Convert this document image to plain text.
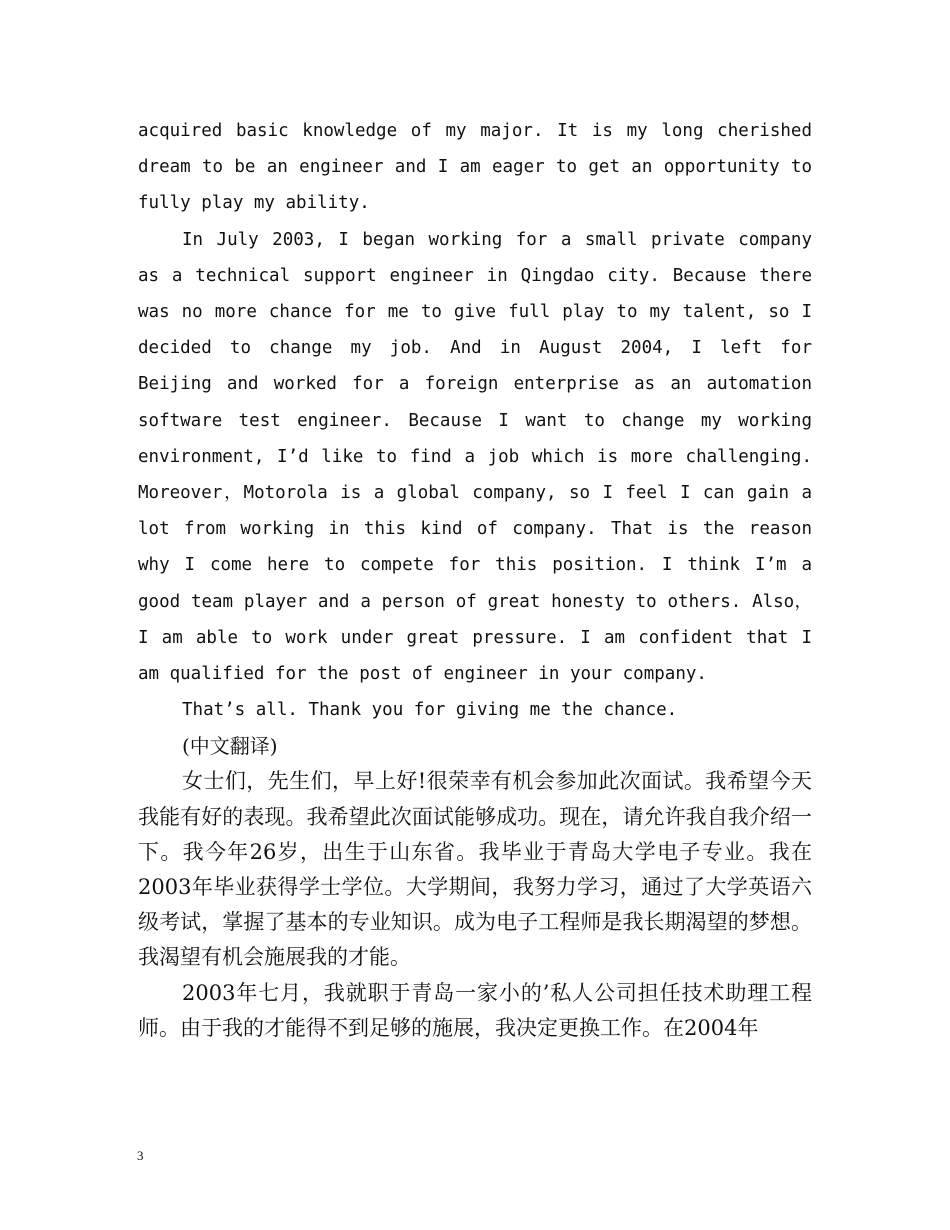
acquired basic knowledge of my major. It is my long cherished dream to be an engineer and I am eager to get an opportunity to fully play my ability.

In July 2003, I began working for a small private company as a technical support engineer in Qingdao city. Because there was no more chance for me to give full play to my talent, so I decided to change my job. And in August 2004, I left for Beijing and worked for a foreign enterprise as an automation software test engineer. Because I want to change my working environment, I’d like to find a job which is more challenging. Moreover，Motorola is a global company, so I feel I can gain a lot from working in this kind of company. That is the reason why I come here to compete for this position. I think I’m a good team player and a person of great honesty to others. Also，I am able to work under great pressure. I am confident that I am qualified for the post of engineer in your company.

That’s all. Thank you for giving me the chance.

(中文翻译)

女士们，先生们，早上好!很荣幸有机会参加此次面试。我希望今天我能有好的表现。我希望此次面试能够成功。现在，请允许我自我介绍一下。我今年26岁，出生于山东省。我毕业于青岛大学电子专业。我在2003年毕业获得学士学位。大学期间，我努力学习，通过了大学英语六级考试，掌握了基本的专业知识。成为电子工程师是我长期渴望的梦想。我渴望有机会施展我的才能。

2003年七月，我就职于青岛一家小的’私人公司担任技术助理工程师。由于我的才能得不到足够的施展，我决定更换工作。在2004年

3
